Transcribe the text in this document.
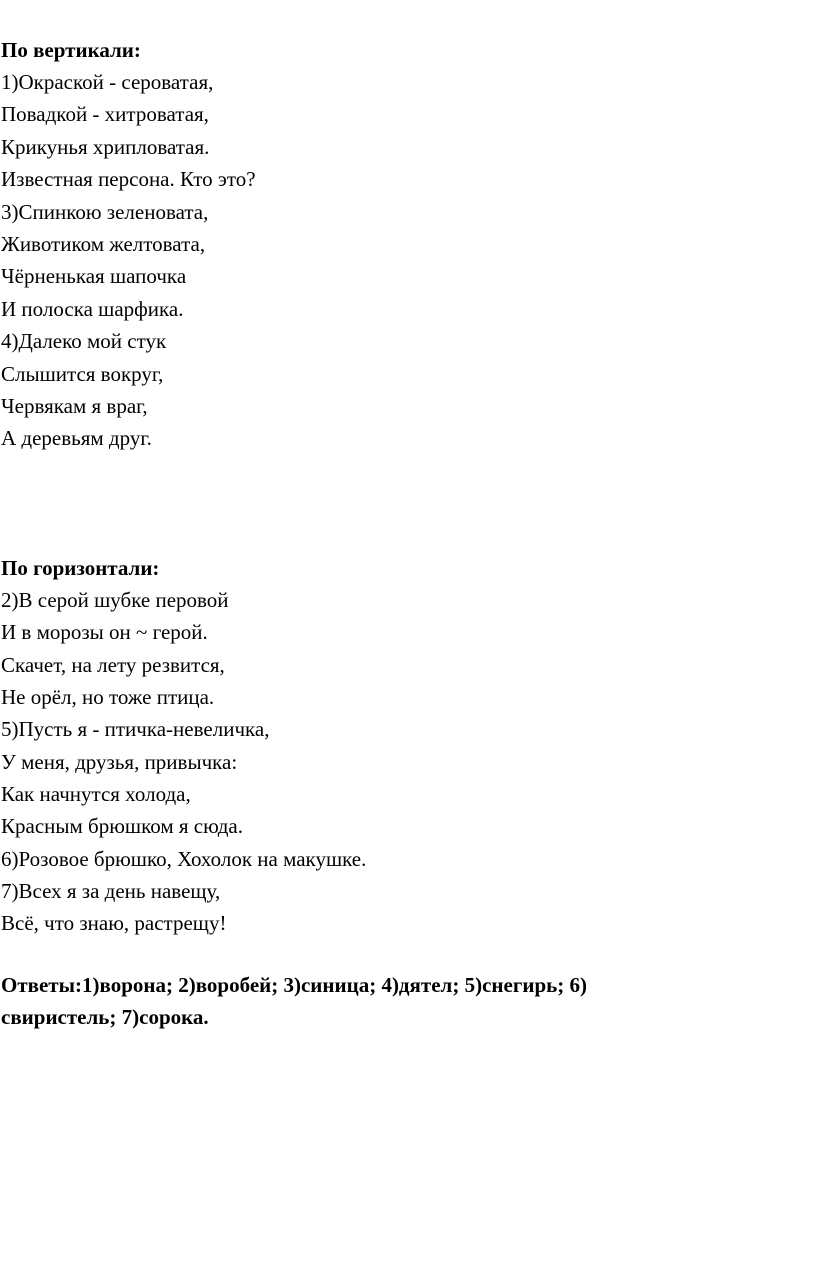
По вертикали:
1)Окраской - сероватая,
Повадкой - хитроватая,
Крикунья хрипловатая.
Известная персона. Кто это?
3)Спинкою зеленовата,
Животиком желтовата,
Чёрненькая шапочка
И полоска шарфика.
4)Далеко мой стук
Слышится вокруг,
Червякам я враг,
А деревьям друг.
По горизонтали:
2)В серой шубке перовой
И в морозы он ~ герой.
Скачет, на лету резвится,
Не орёл, но тоже птица.
5)Пусть я - птичка-невеличка,
У меня, друзья, привычка:
Как начнутся холода,
Красным брюшком я сюда.
6)Розовое брюшко, Хохолок на макушке.
7)Всех я за день навещу,
Всё, что знаю, растрещу!
Ответы:1)ворона; 2)воробей; 3)синица; 4)дятел; 5)снегирь; 6) свиристель; 7)сорока.
